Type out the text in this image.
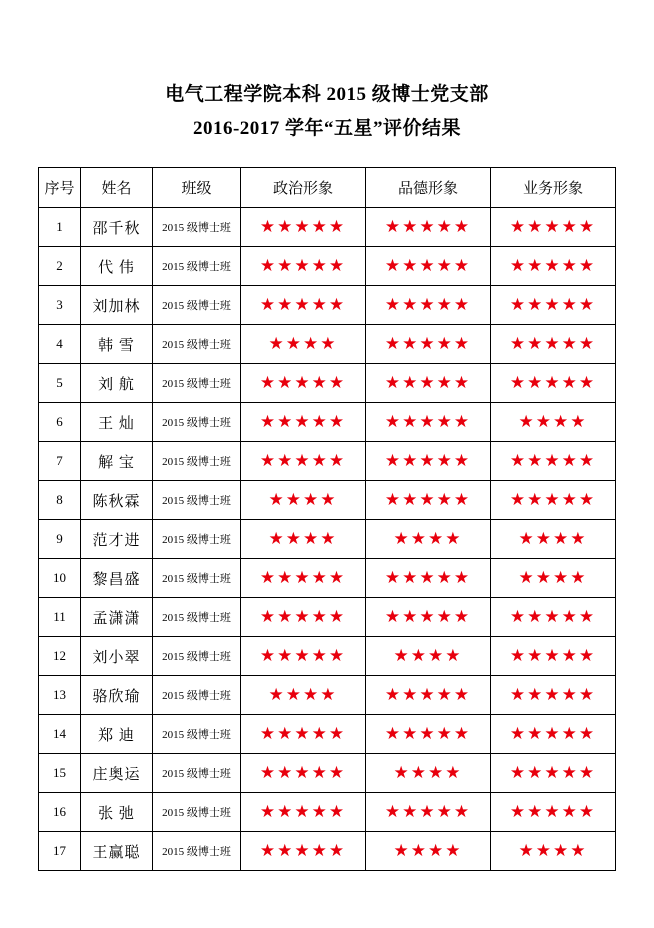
电气工程学院本科 2015 级博士党支部
2016-2017 学年“五星”评价结果
序号	姓名	班级	政治形象	品德形象	业务形象
1	邵千秋	2015 级博士班	★★★★★	★★★★★	★★★★★
2	代 伟	2015 级博士班	★★★★★	★★★★★	★★★★★
3	刘加林	2015 级博士班	★★★★★	★★★★★	★★★★★
4	韩 雪	2015 级博士班	★★★★	★★★★★	★★★★★
5	刘 航	2015 级博士班	★★★★★	★★★★★	★★★★★
6	王 灿	2015 级博士班	★★★★★	★★★★★	★★★★
7	解 宝	2015 级博士班	★★★★★	★★★★★	★★★★★
8	陈秋霖	2015 级博士班	★★★★	★★★★★	★★★★★
9	范才进	2015 级博士班	★★★★	★★★★	★★★★
10	黎昌盛	2015 级博士班	★★★★★	★★★★★	★★★★
11	孟潇潇	2015 级博士班	★★★★★	★★★★★	★★★★★
12	刘小翠	2015 级博士班	★★★★★	★★★★	★★★★★
13	骆欣瑜	2015 级博士班	★★★★	★★★★★	★★★★★
14	郑 迪	2015 级博士班	★★★★★	★★★★★	★★★★★
15	庄奥运	2015 级博士班	★★★★★	★★★★	★★★★★
16	张 弛	2015 级博士班	★★★★★	★★★★★	★★★★★
17	王赢聪	2015 级博士班	★★★★★	★★★★	★★★★
